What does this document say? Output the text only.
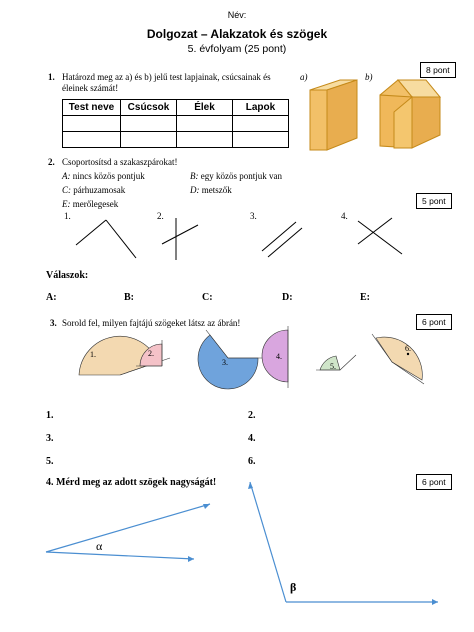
Név:
Dolgozat – Alakzatok és szögek
5. évfolyam (25 pont)
1. Határozd meg az a) és b) jelű test lapjainak, csúcsainak és
éleinek számát!
8 pont
a)	b)
Test neve	Csúcsok	Élek	Lapok

2. Csoportosítsd a szakaszpárokat!
A: nincs közös pontjuk	B: egy közös pontjuk van
C: párhuzamosak	D: metszők
E: merőlegesek	5 pont
1.	2.	3.	4.
Válaszok:
A:	B:	C:	D:	E:
3. Sorold fel, milyen fajtájú szögeket látsz az ábrán!	6 pont
1.	2.
3.
4.
5.
6.
1.	2.
3.	4.
5.	6.
4. Mérd meg az adott szögek nagyságát!	6 pont
α
β
